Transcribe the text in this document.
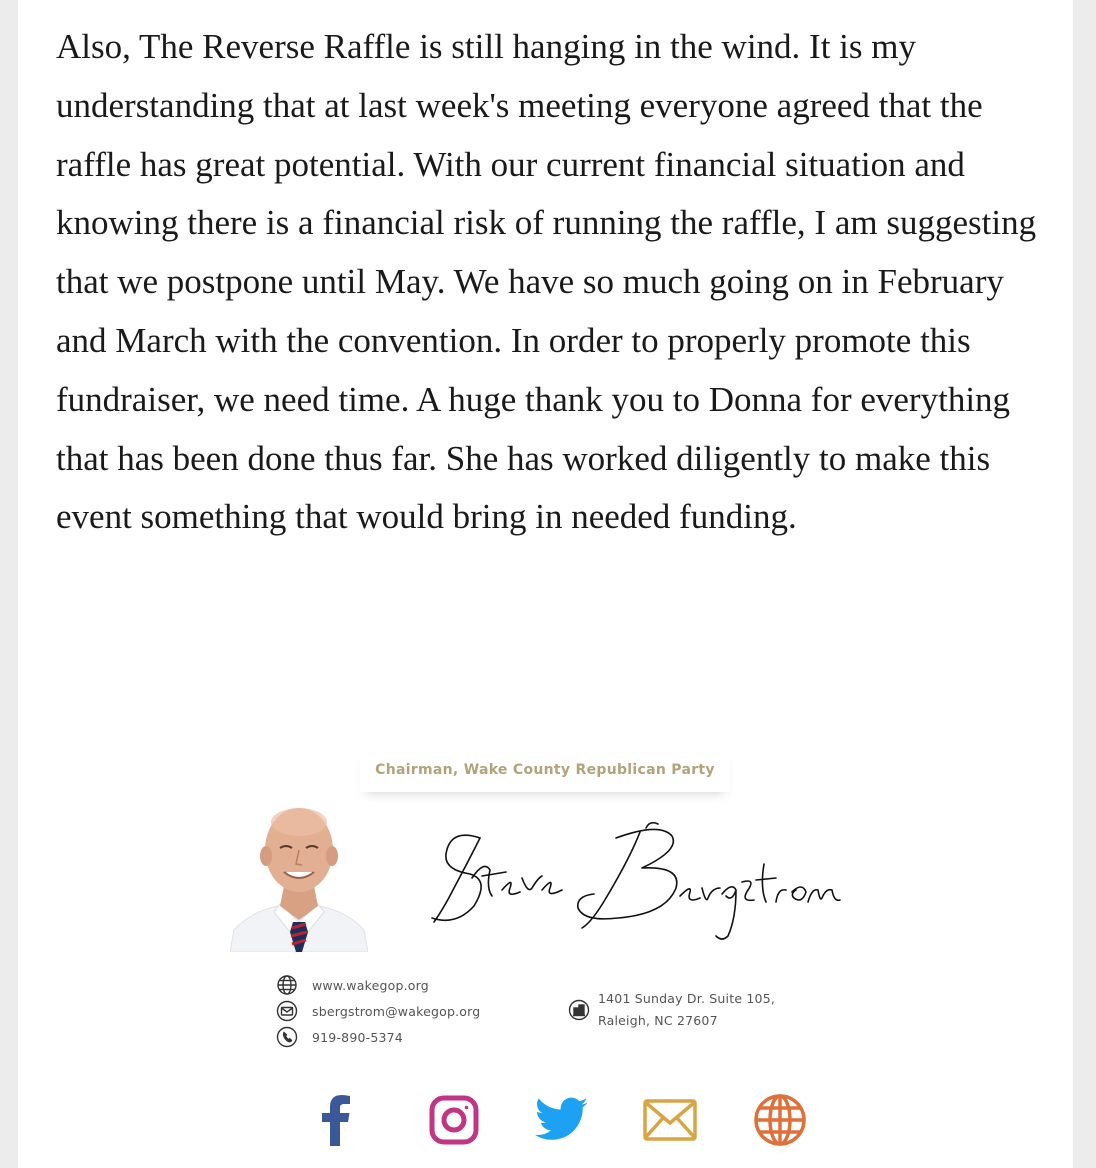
Also, The Reverse Raffle is still hanging in the wind. It is my understanding that at last week's meeting everyone agreed that the raffle has great potential. With our current financial situation and knowing there is a financial risk of running the raffle, I am suggesting that we postpone until May. We have so much going on in February and March with the convention. In order to properly promote this fundraiser, we need time. A huge thank you to Donna for everything that has been done thus far. She has worked diligently to make this event something that would bring in needed funding.

Chairman, Wake County Republican Party
www.wakegop.org
sbergstrom@wakegop.org
919-890-5374
1401 Sunday Dr. Suite 105,
Raleigh, NC 27607
